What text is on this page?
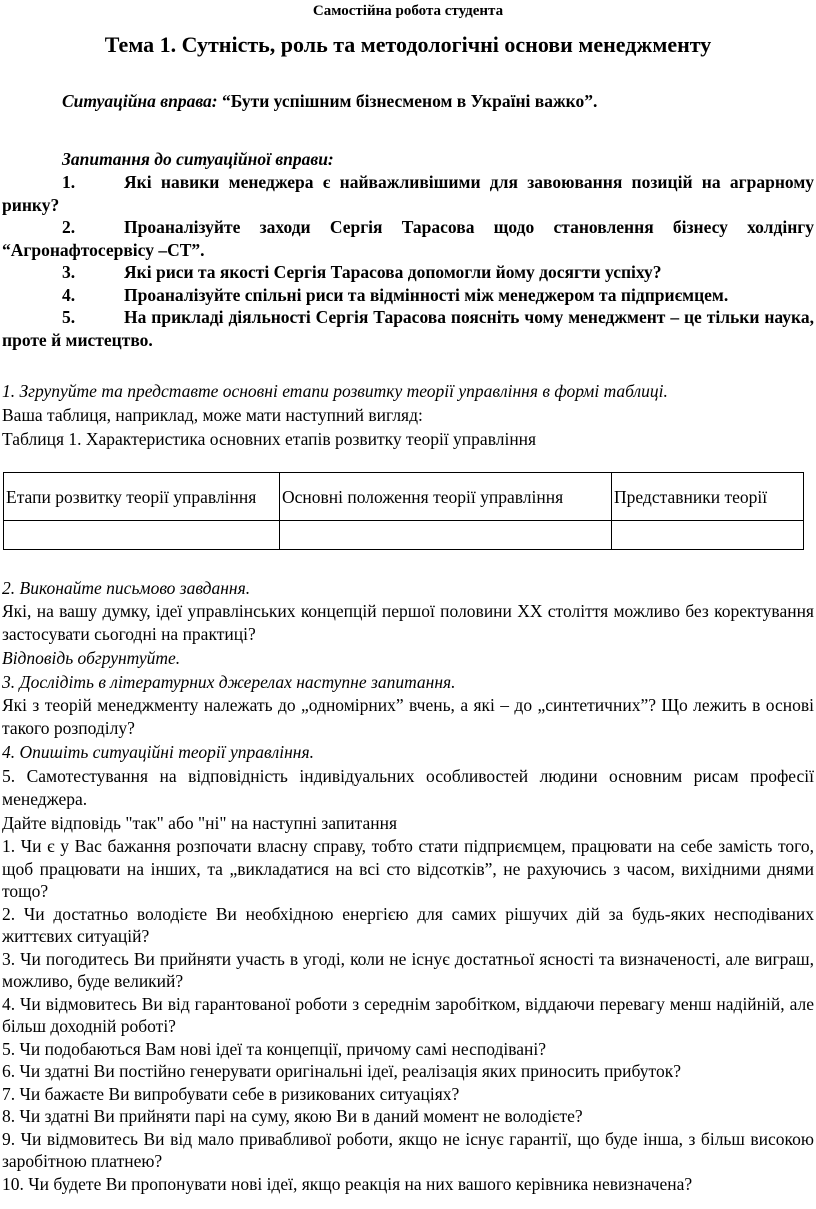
Самостійна робота студента
Тема 1. Сутність, роль та методологічні основи менеджменту
Ситуаційна вправа: “Бути успішним бізнесменом в Україні важко”.
Запитання до ситуаційної вправи:
1.	Які навики менеджера є найважливішими для завоювання позицій на аграрному ринку?
2.	Проаналізуйте заходи Сергія Тарасова щодо становлення бізнесу холдінгу “Агронафтосервісу –СТ”.
3.	Які риси та якості Сергія Тарасова допомогли йому досягти успіху?
4.	Проаналізуйте спільні риси та відмінності між менеджером та підприємцем.
5.	На прикладі діяльності Сергія Тарасова поясніть чому менеджмент – це тільки наука, проте й мистецтво.
1. Згрупуйте та представте основні етапи розвитку теорії управління в формі таблиці.
Ваша таблиця, наприклад, може мати наступний вигляд:
Таблиця 1. Характеристика основних етапів розвитку теорії управління
Етапи розвитку теорії управління	Основні положення теорії управління	Представники теорії

2. Виконайте письмово завдання.
Які, на вашу думку, ідеї управлінських концепцій першої половини ХХ століття можливо без коректування застосувати сьогодні на практиці?
Відповідь обгрунтуйте.
3. Дослідіть в літературних джерелах наступне запитання.
Які з теорій менеджменту належать до „одномірних” вчень, а які – до „синтетичних”? Що лежить в основі такого розподілу?
4. Опишіть ситуаційні теорії управління.
5. Самотестування на відповідність індивідуальних особливостей людини основним рисам професії менеджера.
Дайте відповідь "так" або "ні" на наступні запитання
1. Чи є у Вас бажання розпочати власну справу, тобто стати підприємцем, працювати на себе замість того, щоб працювати на інших, та „викладатися на всі сто відсотків”, не рахуючись з часом, вихідними днями тощо?
2. Чи достатньо володієте Ви необхідною енергією для самих рішучих дій за будь-яких несподіваних життєвих ситуацій?
3. Чи погодитесь Ви прийняти участь в угоді, коли не існує достатньої ясності та визначеності, але виграш, можливо, буде великий?
4. Чи відмовитесь Ви від гарантованої роботи з середнім заробітком, віддаючи перевагу менш надійній, але більш доходній роботі?
5. Чи подобаються Вам нові ідеї та концепції, причому самі несподівані?
6. Чи здатні Ви постійно генерувати оригінальні ідеї, реалізація яких приносить прибуток?
7. Чи бажаєте Ви випробувати себе в ризикованих ситуаціях?
8. Чи здатні Ви прийняти парі на суму, якою Ви в даний момент не володієте?
9. Чи відмовитесь Ви від мало привабливої роботи, якщо не існує гарантії, що буде інша, з більш високою заробітною платнею?
10. Чи будете Ви пропонувати нові ідеї, якщо реакція на них вашого керівника невизначена?
